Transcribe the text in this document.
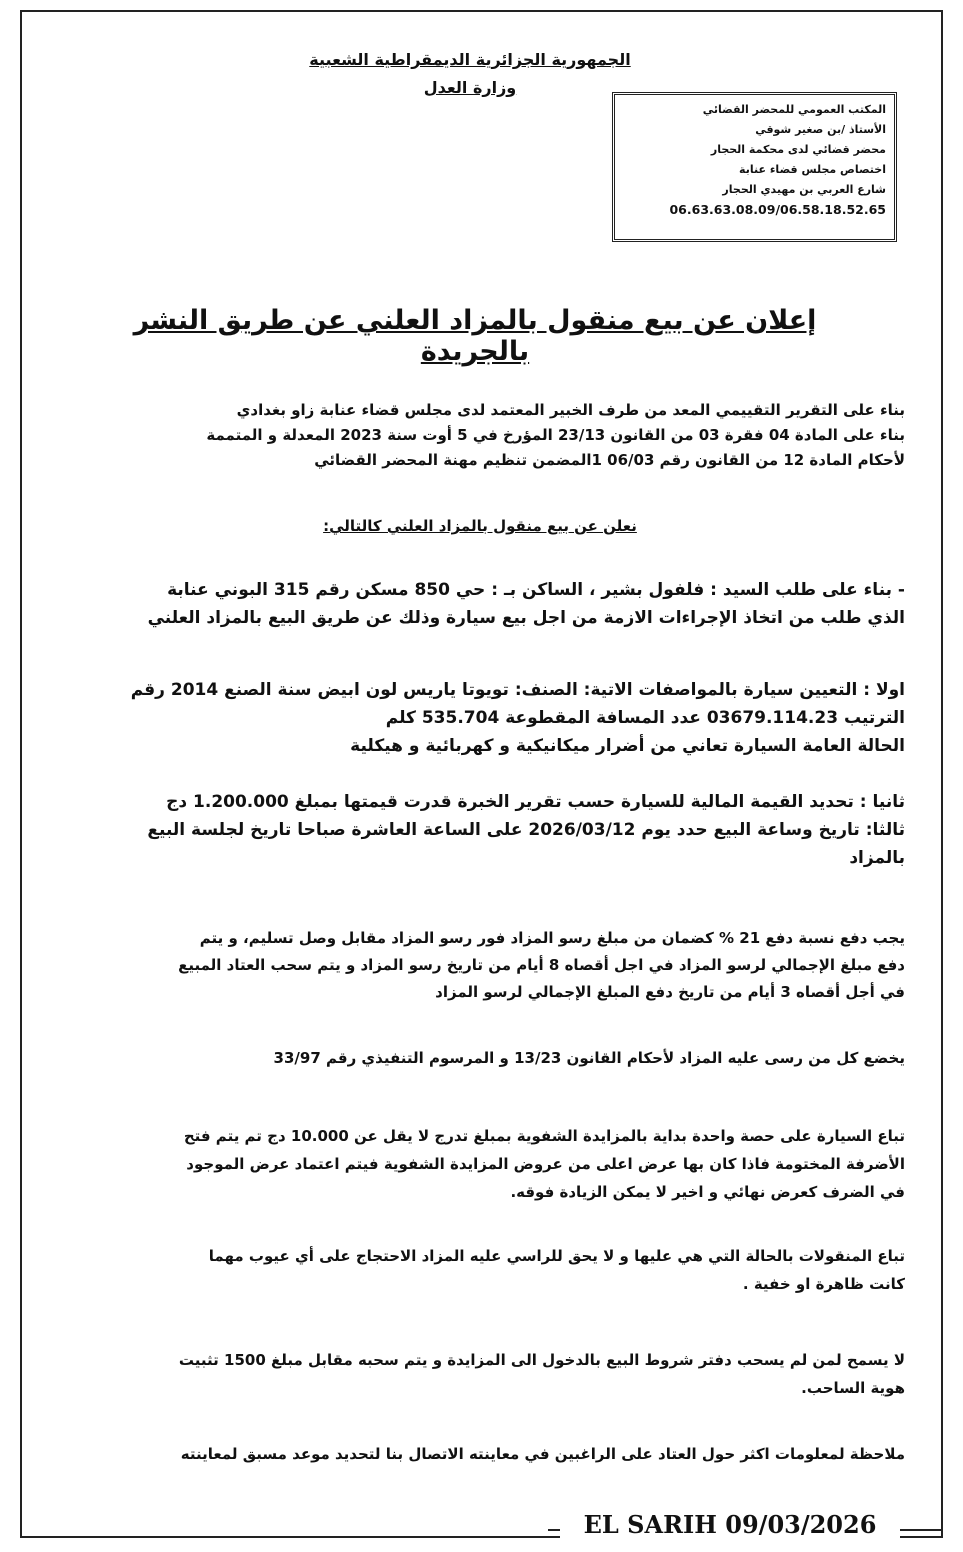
الجمهورية الجزائرية الديمقراطية الشعبية
وزارة العدل
المكتب العمومي للمحضر القضائي
الأستاذ /بن صغير شوقي
محضر قضائي لدى محكمة الحجار
اختصاص مجلس قضاء عنابة
شارع العربي بن مهيدي الحجار
06.63.63.08.09/06.58.18.52.65
إعلان عن بيع منقول بالمزاد العلني عن طريق النشر بالجريدة
بناء على التقرير التقييمي المعد من طرف الخبير المعتمد لدى مجلس قضاء عنابة زاو بغدادي
بناء على المادة 04 فقرة 03 من القانون 23/13 المؤرخ في 5 أوت سنة 2023 المعدلة و المتممة
لأحكام المادة 12 من القانون رقم 06/03 1المضمن تنظيم مهنة المحضر القضائي
نعلن عن بيع منقول بالمزاد العلني كالتالي:
- بناء على طلب السيد : فلفول بشير ، الساكن بـ : حي 850 مسكن رقم 315 البوني عنابة
الذي طلب من اتخاذ الإجراءات الازمة من اجل بيع سيارة وذلك عن طريق البيع بالمزاد العلني
اولا : التعيين سيارة بالمواصفات الاتية: الصنف: تويوتا ياريس لون ابيض سنة الصنع 2014 رقم
الترتيب 03679.114.23 عدد المسافة المقطوعة 535.704 كلم
الحالة العامة السيارة تعاني من أضرار ميكانيكية و كهربائية و هيكلية
ثانيا : تحديد القيمة المالية للسيارة حسب تقرير الخبرة قدرت قيمتها بمبلغ 1.200.000 دج
ثالثا: تاريخ وساعة البيع حدد يوم 2026/03/12 على الساعة العاشرة صباحا تاريخ لجلسة البيع
بالمزاد
يجب دفع نسبة دفع 21 % كضمان من مبلغ رسو المزاد فور رسو المزاد مقابل وصل تسليم، و يتم
دفع مبلغ الإجمالي لرسو المزاد في اجل أقصاه 8 أيام من تاريخ رسو المزاد و يتم سحب العتاد المبيع
في أجل أقصاه 3 أيام من تاريخ دفع المبلغ الإجمالي لرسو المزاد
يخضع كل من رسى عليه المزاد لأحكام القانون 13/23 و المرسوم التنفيذي رقم 33/97
تباع السيارة على حصة واحدة بداية بالمزايدة الشفوية بمبلغ تدرج لا يقل عن 10.000 دج تم يتم فتح
الأضرفة المختومة فاذا كان بها عرض اعلى من عروض المزايدة الشفوية فيتم اعتماد عرض الموجود
في الضرف كعرض نهائي و اخير لا يمكن الزيادة فوقه.
تباع المنقولات بالحالة التي هي عليها و لا يحق للراسي عليه المزاد الاحتجاج على أي عيوب مهما
كانت ظاهرة او خفية .
لا يسمح لمن لم يسحب دفتر شروط البيع بالدخول الى المزايدة و يتم سحبه مقابل مبلغ 1500 تثبيت
هوية الساحب.
ملاحظة لمعلومات اكثر حول العتاد على الراغبين في معاينته الاتصال بنا لتحديد موعد مسبق لمعاينته
EL SARIH 09/03/2026
